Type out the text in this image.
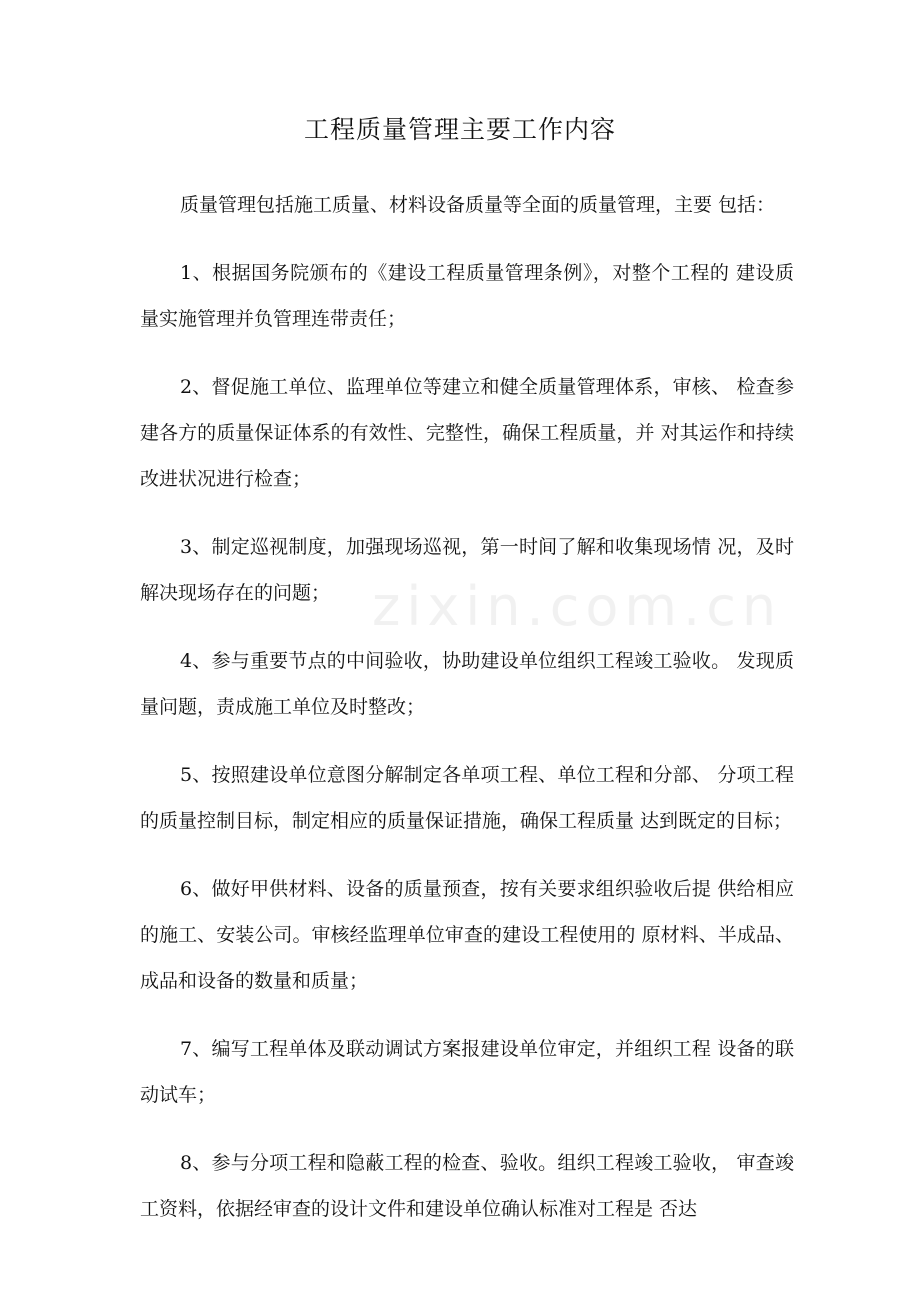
工程质量管理主要工作内容

质量管理包括施工质量、材料设备质量等全面的质量管理，主要 包括：

1、根据国务院颁布的《建设工程质量管理条例》，对整个工程的 建设质量实施管理并负管理连带责任；

2、督促施工单位、监理单位等建立和健全质量管理体系，审核、 检查参建各方的质量保证体系的有效性、完整性，确保工程质量，并 对其运作和持续改进状况进行检查；

3、制定巡视制度，加强现场巡视，第一时间了解和收集现场情 况，及时解决现场存在的问题；

4、参与重要节点的中间验收，协助建设单位组织工程竣工验收。 发现质量问题，责成施工单位及时整改；

5、按照建设单位意图分解制定各单项工程、单位工程和分部、 分项工程的质量控制目标，制定相应的质量保证措施，确保工程质量 达到既定的目标；

6、做好甲供材料、设备的质量预查，按有关要求组织验收后提 供给相应的施工、安装公司。审核经监理单位审查的建设工程使用的 原材料、半成品、成品和设备的数量和质量；

7、编写工程单体及联动调试方案报建设单位审定，并组织工程 设备的联动试车；

8、参与分项工程和隐蔽工程的检查、验收。组织工程竣工验收， 审查竣工资料，依据经审查的设计文件和建设单位确认标准对工程是 否达

zixin.com.cn
